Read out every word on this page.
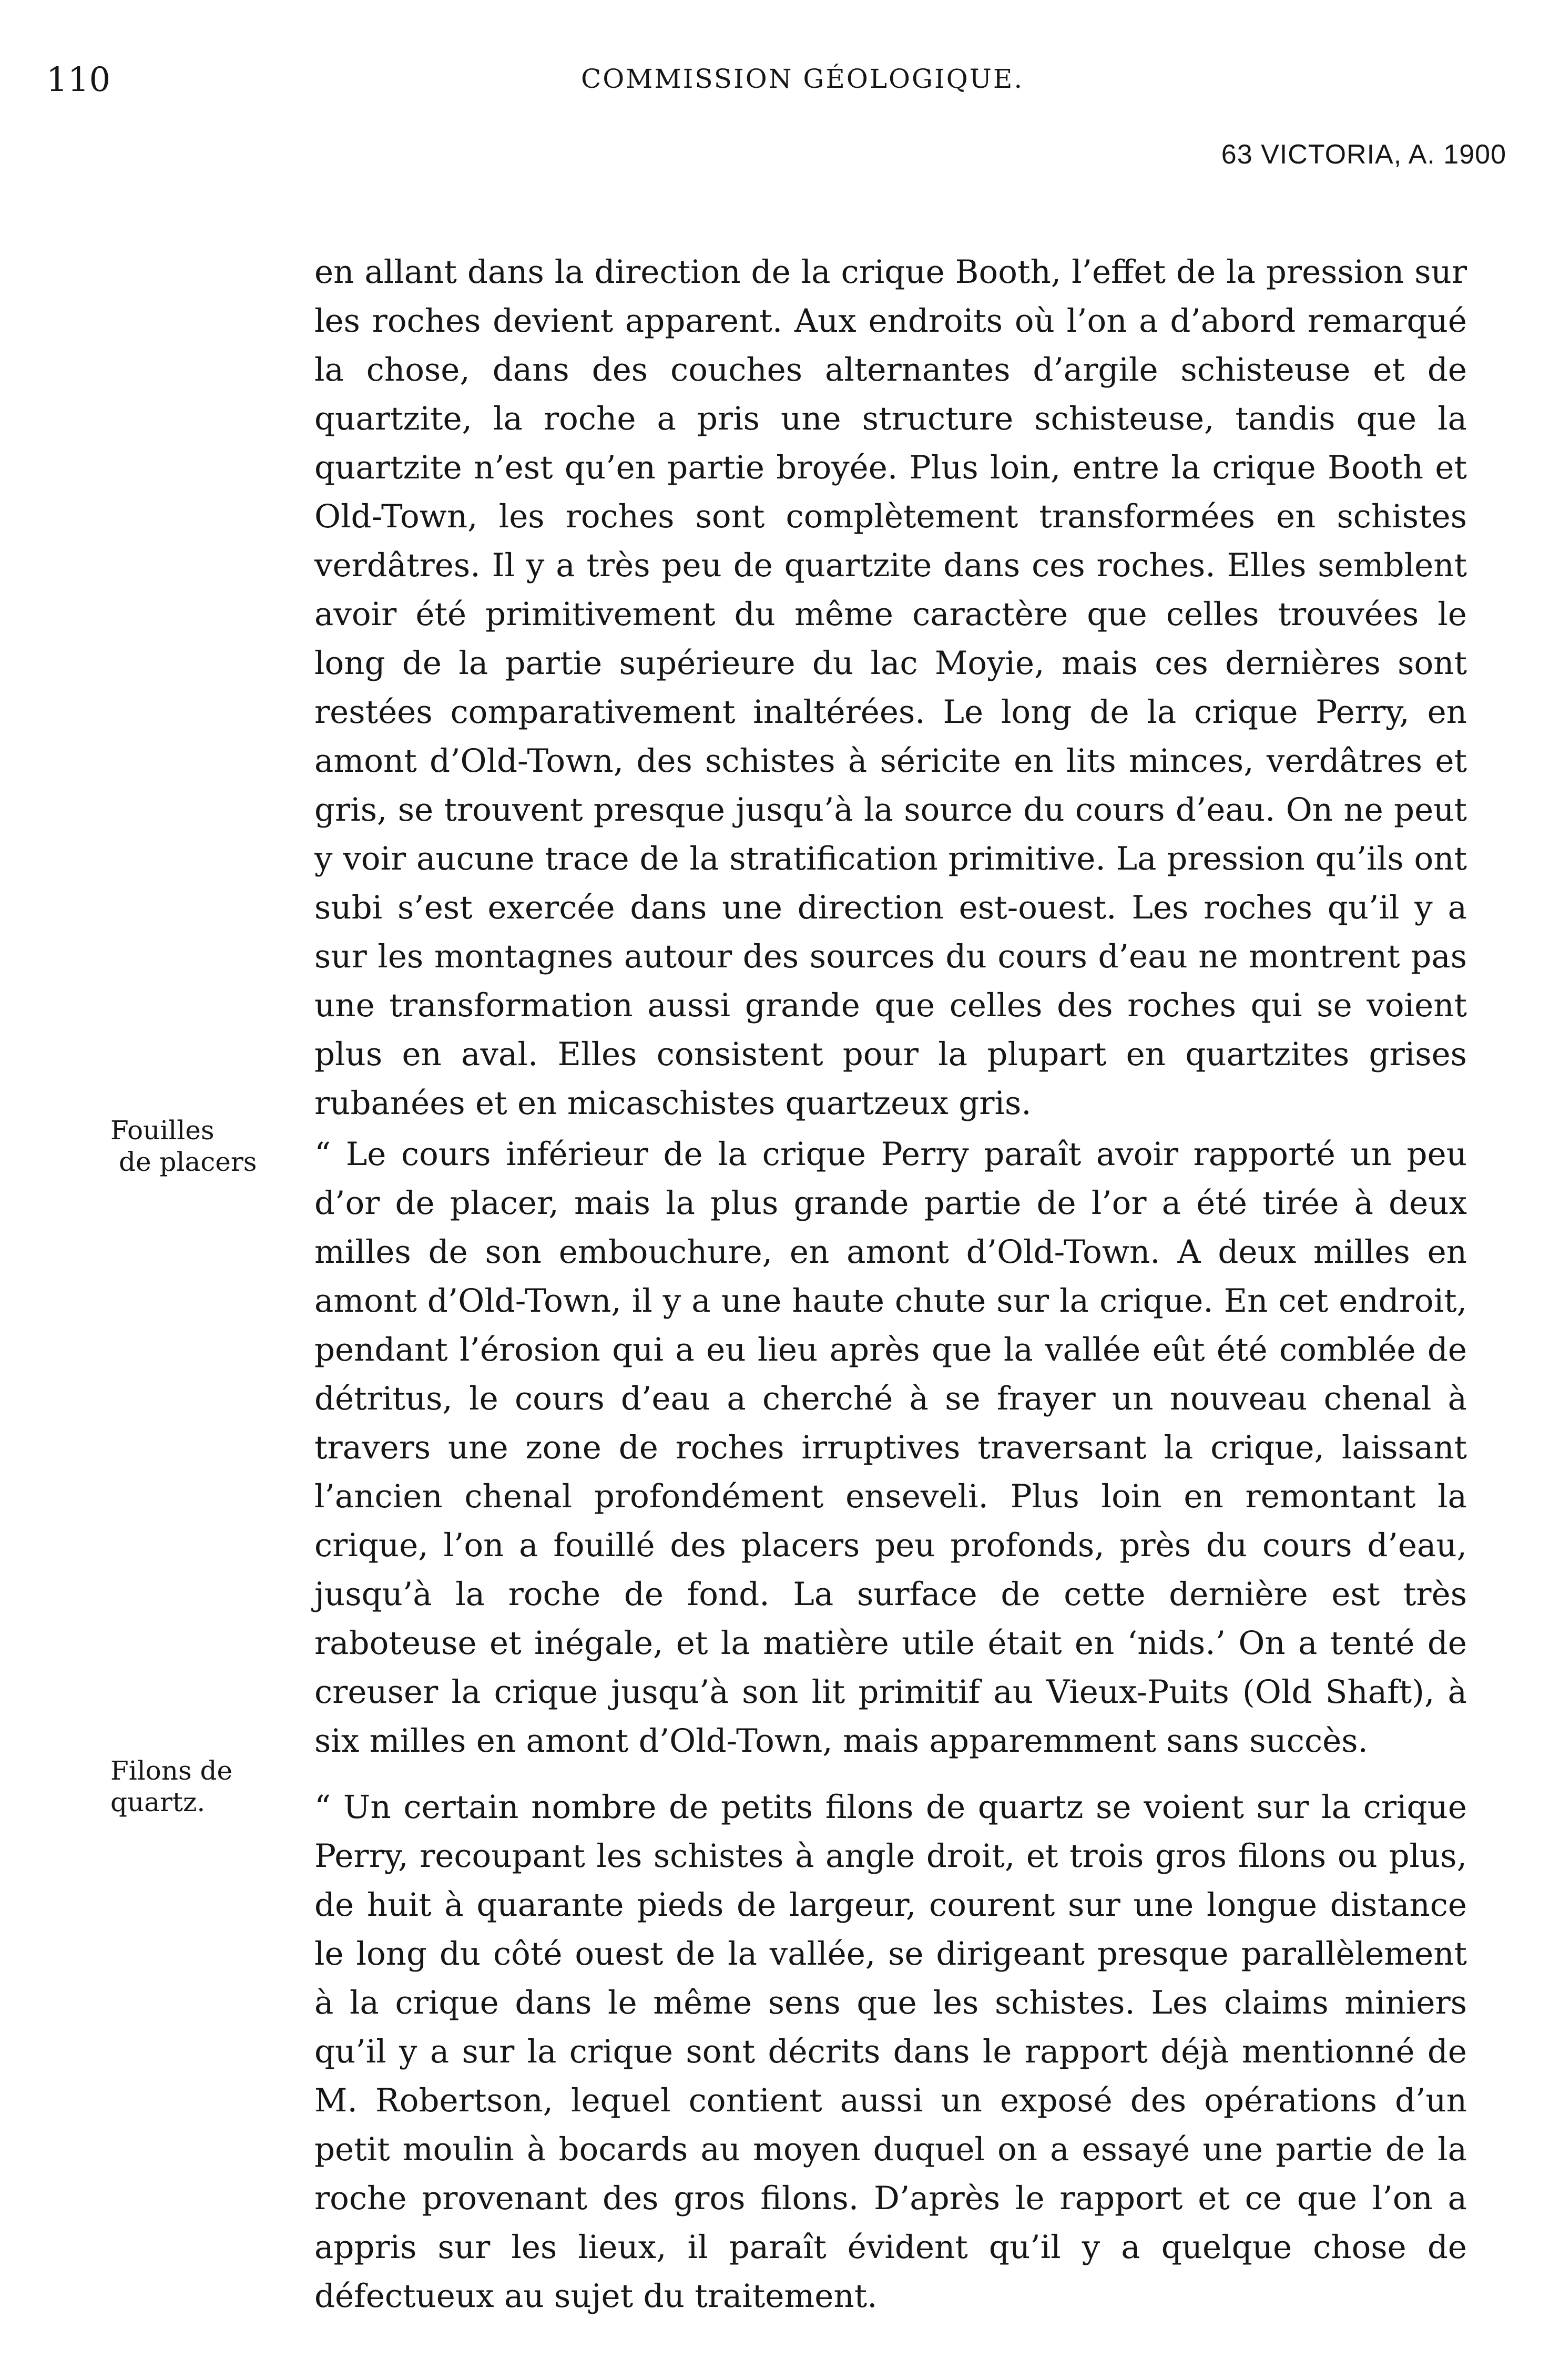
110	COMMISSION GÉOLOGIQUE.
63 VICTORIA, A. 1900
Fouilles
de placers
Filons de
quartz.

en allant dans la direction de la crique Booth, l’effet de la pression sur les roches devient apparent. Aux endroits où l’on a d’abord remarqué la chose, dans des couches alternantes d’argile schisteuse et de quartzite, la roche a pris une structure schisteuse, tandis que la quartzite n’est qu’en partie broyée. Plus loin, entre la crique Booth et Old-Town, les roches sont complètement transformées en schistes verdâtres. Il y a très peu de quartzite dans ces roches. Elles semblent avoir été primitivement du même caractère que celles trouvées le long de la partie supérieure du lac Moyie, mais ces dernières sont restées comparativement inaltérées. Le long de la crique Perry, en amont d’Old-Town, des schistes à séricite en lits minces, verdâtres et gris, se trouvent presque jusqu’à la source du cours d’eau. On ne peut y voir aucune trace de la stratification primitive. La pression qu’ils ont subi s’est exercée dans une direction est-ouest. Les roches qu’il y a sur les montagnes autour des sources du cours d’eau ne montrent pas une transformation aussi grande que celles des roches qui se voient plus en aval. Elles consistent pour la plupart en quartzites grises rubanées et en micaschistes quartzeux gris.

“ Le cours inférieur de la crique Perry paraît avoir rapporté un peu d’or de placer, mais la plus grande partie de l’or a été tirée à deux milles de son embouchure, en amont d’Old-Town. A deux milles en amont d’Old-Town, il y a une haute chute sur la crique. En cet endroit, pendant l’érosion qui a eu lieu après que la vallée eût été comblée de détritus, le cours d’eau a cherché à se frayer un nouveau chenal à travers une zone de roches irruptives traversant la crique, laissant l’ancien chenal profondément enseveli. Plus loin en remontant la crique, l’on a fouillé des placers peu profonds, près du cours d’eau, jusqu’à la roche de fond. La surface de cette dernière est très raboteuse et inégale, et la matière utile était en ‘nids.’ On a tenté de creuser la crique jusqu’à son lit primitif au Vieux-Puits (Old Shaft), à six milles en amont d’Old-Town, mais apparemment sans succès.

“ Un certain nombre de petits filons de quartz se voient sur la crique Perry, recoupant les schistes à angle droit, et trois gros filons ou plus, de huit à quarante pieds de largeur, courent sur une longue distance le long du côté ouest de la vallée, se dirigeant presque parallèlement à la crique dans le même sens que les schistes. Les claims miniers qu’il y a sur la crique sont décrits dans le rapport déjà mentionné de M. Robertson, lequel contient aussi un exposé des opérations d’un petit moulin à bocards au moyen duquel on a essayé une partie de la roche provenant des gros filons. D’après le rapport et ce que l’on a appris sur les lieux, il paraît évident qu’il y a quelque chose de défectueux au sujet du traitement.
